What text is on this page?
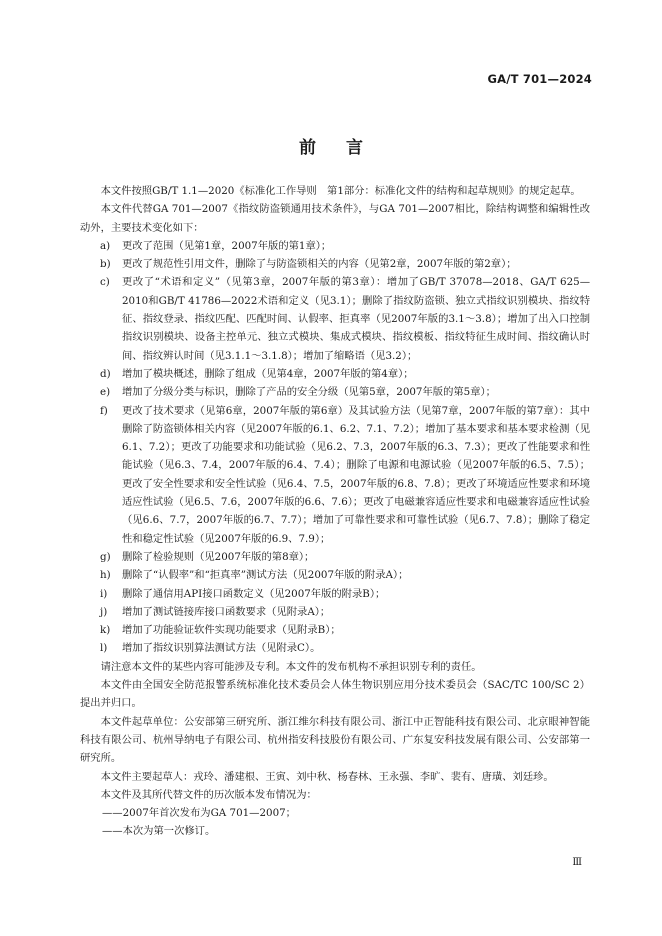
GA/T 701—2024
前言

本文件按照GB/T 1.1—2020《标准化工作导则　第1部分：标准化文件的结构和起草规则》的规定起草。

本文件代替GA 701—2007《指纹防盗锁通用技术条件》，与GA 701—2007相比，除结构调整和编辑性改动外，主要技术变化如下：

a)	更改了范围（见第1章，2007年版的第1章）；
b)	更改了规范性引用文件，删除了与防盗锁相关的内容（见第2章，2007年版的第2章）；
c)	更改了“术语和定义”（见第3章，2007年版的第3章）：增加了GB/T 37078—2018、GA/T 625—2010和GB/T 41786—2022术语和定义（见3.1）；删除了指纹防盗锁、独立式指纹识别模块、指纹特征、指纹登录、指纹匹配、匹配时间、认假率、拒真率（见2007年版的3.1～3.8）；增加了出入口控制指纹识别模块、设备主控单元、独立式模块、集成式模块、指纹模板、指纹特征生成时间、指纹确认时间、指纹辨认时间（见3.1.1～3.1.8）；增加了缩略语（见3.2）；
d)	增加了模块概述，删除了组成（见第4章，2007年版的第4章）；
e)	增加了分级分类与标识，删除了产品的安全分级（见第5章，2007年版的第5章）；
f)	更改了技术要求（见第6章，2007年版的第6章）及其试验方法（见第7章，2007年版的第7章）：其中删除了防盗锁体相关内容（见2007年版的6.1、6.2、7.1、7.2）；增加了基本要求和基本要求检测（见6.1、7.2）；更改了功能要求和功能试验（见6.2、7.3，2007年版的6.3、7.3）；更改了性能要求和性能试验（见6.3、7.4，2007年版的6.4、7.4）；删除了电源和电源试验（见2007年版的6.5、7.5）；更改了安全性要求和安全性试验（见6.4、7.5，2007年版的6.8、7.8）；更改了环境适应性要求和环境适应性试验（见6.5、7.6，2007年版的6.6、7.6）；更改了电磁兼容适应性要求和电磁兼容适应性试验（见6.6、7.7，2007年版的6.7、7.7）；增加了可靠性要求和可靠性试验（见6.7、7.8）；删除了稳定性和稳定性试验（见2007年版的6.9、7.9）；
g)	删除了检验规则（见2007年版的第8章）；
h)	删除了“认假率”和“拒真率”测试方法（见2007年版的附录A）；
i)	删除了通信用API接口函数定义（见2007年版的附录B）；
j)	增加了测试链接库接口函数要求（见附录A）；
k)	增加了功能验证软件实现功能要求（见附录B）；
l)	增加了指纹识别算法测试方法（见附录C）。

请注意本文件的某些内容可能涉及专利。本文件的发布机构不承担识别专利的责任。

本文件由全国安全防范报警系统标准化技术委员会人体生物识别应用分技术委员会（SAC/TC 100/SC 2）提出并归口。

本文件起草单位：公安部第三研究所、浙江维尔科技有限公司、浙江中正智能科技有限公司、北京眼神智能科技有限公司、杭州导纳电子有限公司、杭州指安科技股份有限公司、广东复安科技发展有限公司、公安部第一研究所。

本文件主要起草人：戎玲、潘建根、王寅、刘中秋、杨春林、王永强、李旷、裴有、唐璜、刘廷珍。

本文件及其所代替文件的历次版本发布情况为：

——2007年首次发布为GA 701—2007；

——本次为第一次修订。

Ⅲ
